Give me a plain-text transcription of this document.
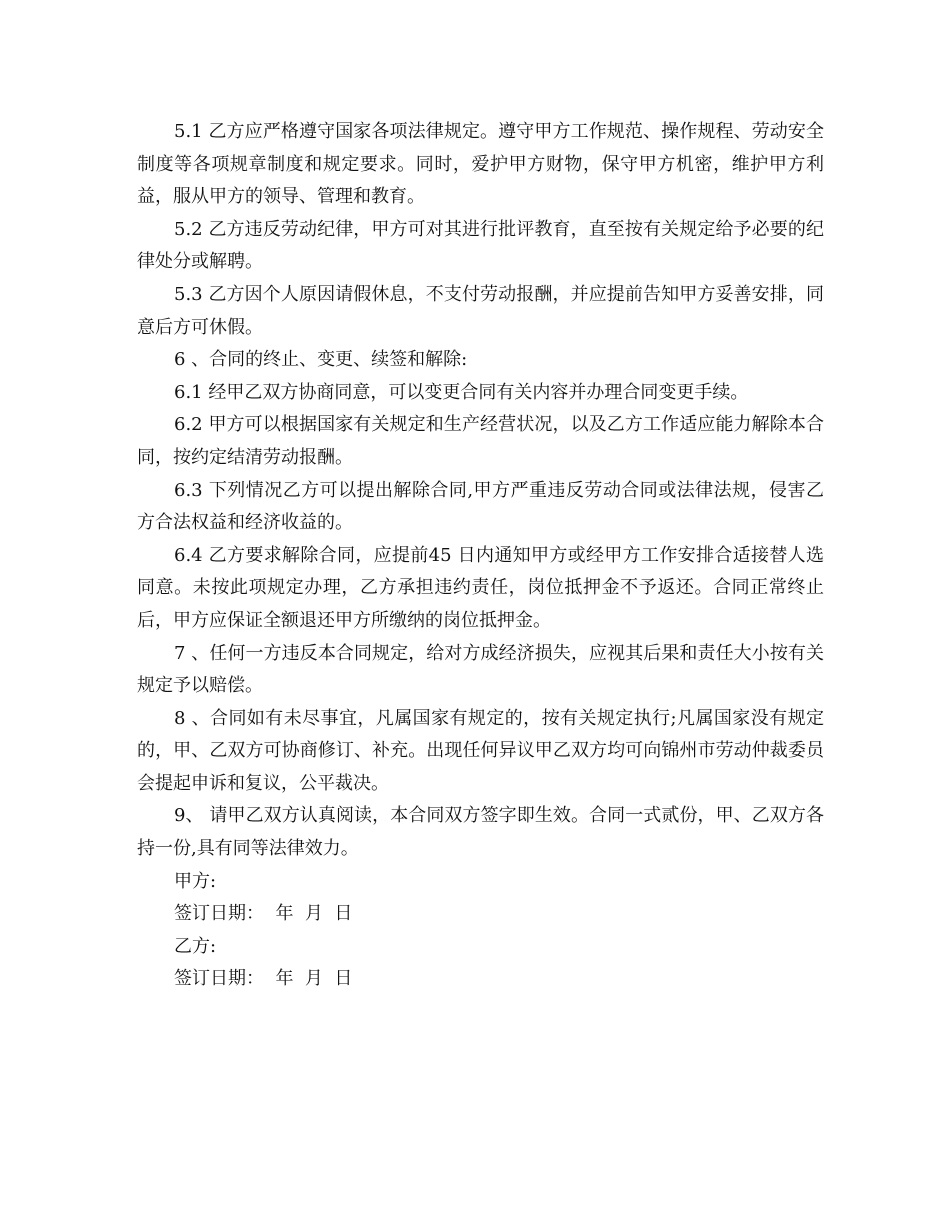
5.1 乙方应严格遵守国家各项法律规定。遵守甲方工作规范、操作规程、劳动安全制度等各项规章制度和规定要求。同时，爱护甲方财物，保守甲方机密，维护甲方利益，服从甲方的领导、管理和教育。

5.2 乙方违反劳动纪律，甲方可对其进行批评教育，直至按有关规定给予必要的纪律处分或解聘。

5.3 乙方因个人原因请假休息，不支付劳动报酬，并应提前告知甲方妥善安排，同意后方可休假。

6 、合同的终止、变更、续签和解除:

6.1 经甲乙双方协商同意，可以变更合同有关内容并办理合同变更手续。

6.2 甲方可以根据国家有关规定和生产经营状况，以及乙方工作适应能力解除本合同，按约定结清劳动报酬。

6.3 下列情况乙方可以提出解除合同,甲方严重违反劳动合同或法律法规，侵害乙方合法权益和经济收益的。

6.4 乙方要求解除合同，应提前45 日内通知甲方或经甲方工作安排合适接替人选同意。未按此项规定办理，乙方承担违约责任，岗位抵押金不予返还。合同正常终止后，甲方应保证全额退还甲方所缴纳的岗位抵押金。

7 、任何一方违反本合同规定，给对方成经济损失，应视其后果和责任大小按有关规定予以赔偿。

8 、合同如有未尽事宜，凡属国家有规定的，按有关规定执行;凡属国家没有规定的，甲、乙双方可协商修订、补充。出现任何异议甲乙双方均可向锦州市劳动仲裁委员会提起申诉和复议，公平裁决。

9、 请甲乙双方认真阅读，本合同双方签字即生效。合同一式贰份，甲、乙双方各持一份,具有同等法律效力。

甲方:

签订日期：  年  月  日

乙方:

签订日期：  年  月  日
